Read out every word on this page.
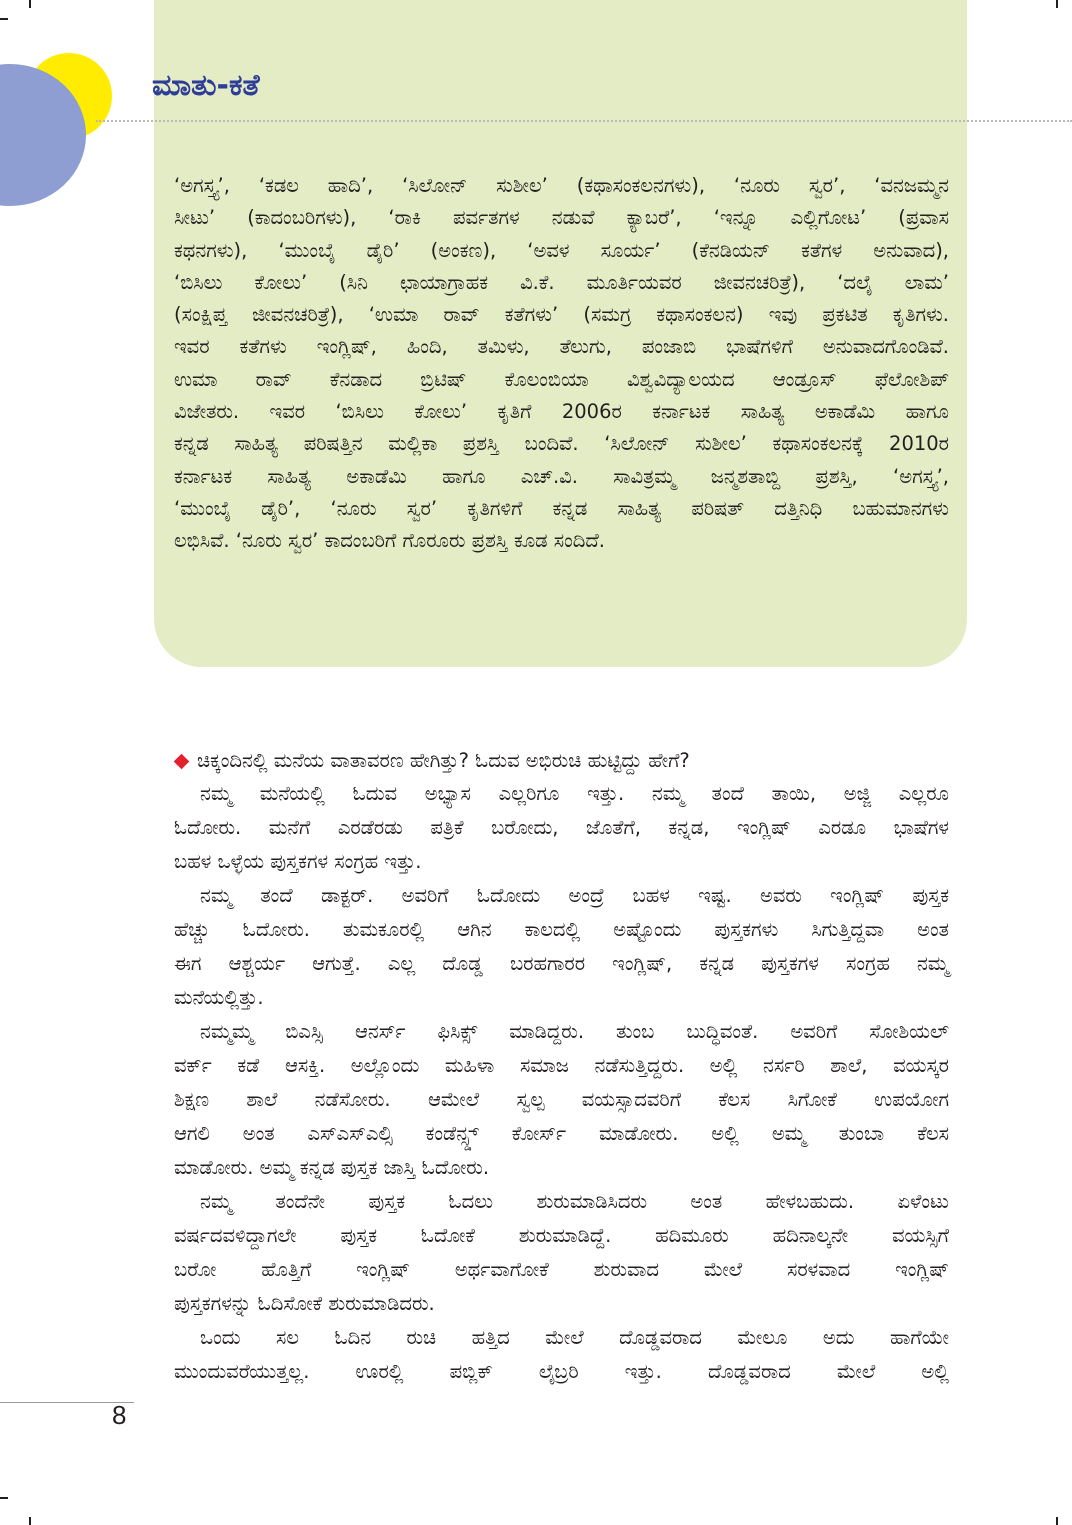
ಮಾತು-ಕತೆ
‘ಅಗಸ್ತ್ಯ’, ‘ಕಡಲ ಹಾದಿ’, ‘ಸಿಲೋನ್ ಸುಶೀಲ’ (ಕಥಾಸಂಕಲನಗಳು), ‘ನೂರು ಸ್ವರ’, ‘ವನಜಮ್ಮನ
ಸೀಟು’ (ಕಾದಂಬರಿಗಳು), ‘ರಾಕಿ ಪರ್ವತಗಳ ನಡುವೆ ಕ್ಯಾಬರೆ’, ‘ಇನ್ನೂ ಎಲ್ಲಿಗೋಟ’ (ಪ್ರವಾಸ
ಕಥನಗಳು), ‘ಮುಂಬೈ ಡೈರಿ’ (ಅಂಕಣ), ‘ಅವಳ ಸೂರ್ಯ’ (ಕೆನಡಿಯನ್ ಕತೆಗಳ ಅನುವಾದ),
‘ಬಿಸಿಲು ಕೋಲು’ (ಸಿನಿ ಛಾಯಾಗ್ರಾಹಕ ವಿ.ಕೆ. ಮೂರ್ತಿಯವರ ಜೀವನಚರಿತ್ರೆ), ‘ದಲೈ ಲಾಮ’
(ಸಂಕ್ಷಿಪ್ತ ಜೀವನಚರಿತ್ರೆ), ‘ಉಮಾ ರಾವ್ ಕತೆಗಳು’ (ಸಮಗ್ರ ಕಥಾಸಂಕಲನ) ಇವು ಪ್ರಕಟಿತ ಕೃತಿಗಳು.
ಇವರ ಕತೆಗಳು ಇಂಗ್ಲಿಷ್, ಹಿಂದಿ, ತಮಿಳು, ತೆಲುಗು, ಪಂಜಾಬಿ ಭಾಷೆಗಳಿಗೆ ಅನುವಾದಗೊಂಡಿವೆ.
ಉಮಾ ರಾವ್ ಕೆನಡಾದ ಬ್ರಿಟಿಷ್ ಕೊಲಂಬಿಯಾ ವಿಶ್ವವಿದ್ಯಾಲಯದ ಆಂಡ್ರೂಸ್ ಫೆಲೋಶಿಪ್
ವಿಜೇತರು. ಇವರ ‘ಬಿಸಿಲು ಕೋಲು’ ಕೃತಿಗೆ 2006ರ ಕರ್ನಾಟಕ ಸಾಹಿತ್ಯ ಅಕಾಡೆಮಿ ಹಾಗೂ
ಕನ್ನಡ ಸಾಹಿತ್ಯ ಪರಿಷತ್ತಿನ ಮಲ್ಲಿಕಾ ಪ್ರಶಸ್ತಿ ಬಂದಿವೆ. ‘ಸಿಲೋನ್ ಸುಶೀಲ’ ಕಥಾಸಂಕಲನಕ್ಕೆ 2010ರ
ಕರ್ನಾಟಕ ಸಾಹಿತ್ಯ ಅಕಾಡೆಮಿ ಹಾಗೂ ಎಚ್.ವಿ. ಸಾವಿತ್ರಮ್ಮ ಜನ್ಮಶತಾಬ್ದಿ ಪ್ರಶಸ್ತಿ, ‘ಅಗಸ್ತ್ಯ’,
‘ಮುಂಬೈ ಡೈರಿ’, ‘ನೂರು ಸ್ವರ’ ಕೃತಿಗಳಿಗೆ ಕನ್ನಡ ಸಾಹಿತ್ಯ ಪರಿಷತ್ ದತ್ತಿನಿಧಿ ಬಹುಮಾನಗಳು
ಲಭಿಸಿವೆ. ‘ನೂರು ಸ್ವರ’ ಕಾದಂಬರಿಗೆ ಗೊರೂರು ಪ್ರಶಸ್ತಿ ಕೂಡ ಸಂದಿದೆ.
ಚಿಕ್ಕಂದಿನಲ್ಲಿ ಮನೆಯ ವಾತಾವರಣ ಹೇಗಿತ್ತು? ಓದುವ ಅಭಿರುಚಿ ಹುಟ್ಟಿದ್ದು ಹೇಗೆ?
ನಮ್ಮ ಮನೆಯಲ್ಲಿ ಓದುವ ಅಭ್ಯಾಸ ಎಲ್ಲರಿಗೂ ಇತ್ತು. ನಮ್ಮ ತಂದೆ ತಾಯಿ, ಅಜ್ಜಿ ಎಲ್ಲರೂ
ಓದೋರು. ಮನೆಗೆ ಎರಡೆರಡು ಪತ್ರಿಕೆ ಬರೋದು, ಜೊತೆಗೆ, ಕನ್ನಡ, ಇಂಗ್ಲಿಷ್ ಎರಡೂ ಭಾಷೆಗಳ
ಬಹಳ ಒಳ್ಳೆಯ ಪುಸ್ತಕಗಳ ಸಂಗ್ರಹ ಇತ್ತು.
ನಮ್ಮ ತಂದೆ ಡಾಕ್ಟರ್. ಅವರಿಗೆ ಓದೋದು ಅಂದ್ರೆ ಬಹಳ ಇಷ್ಟ. ಅವರು ಇಂಗ್ಲಿಷ್ ಪುಸ್ತಕ
ಹೆಚ್ಚು ಓದೋರು. ತುಮಕೂರಲ್ಲಿ ಆಗಿನ ಕಾಲದಲ್ಲಿ ಅಷ್ಟೊಂದು ಪುಸ್ತಕಗಳು ಸಿಗುತ್ತಿದ್ದವಾ ಅಂತ
ಈಗ ಆಶ್ಚರ್ಯ ಆಗುತ್ತೆ. ಎಲ್ಲ ದೊಡ್ಡ ಬರಹಗಾರರ ಇಂಗ್ಲಿಷ್, ಕನ್ನಡ ಪುಸ್ತಕಗಳ ಸಂಗ್ರಹ ನಮ್ಮ
ಮನೆಯಲ್ಲಿತ್ತು.
ನಮ್ಮಮ್ಮ ಬಿಎಸ್ಸಿ ಆನರ್ಸ್ ಫಿಸಿಕ್ಸ್ ಮಾಡಿದ್ದರು. ತುಂಬ ಬುದ್ಧಿವಂತೆ. ಅವರಿಗೆ ಸೋಶಿಯಲ್
ವರ್ಕ್ ಕಡೆ ಆಸಕ್ತಿ. ಅಲ್ಲೊಂದು ಮಹಿಳಾ ಸಮಾಜ ನಡೆಸುತ್ತಿದ್ದರು. ಅಲ್ಲಿ ನರ್ಸರಿ ಶಾಲೆ, ವಯಸ್ಕರ
ಶಿಕ್ಷಣ ಶಾಲೆ ನಡೆಸೋರು. ಆಮೇಲೆ ಸ್ವಲ್ಪ ವಯಸ್ಸಾದವರಿಗೆ ಕೆಲಸ ಸಿಗೋಕೆ ಉಪಯೋಗ
ಆಗಲಿ ಅಂತ ಎಸ್ಎಸ್ಎಲ್ಸಿ ಕಂಡೆನ್ಸ್ಡ್ ಕೋರ್ಸ್ ಮಾಡೋರು. ಅಲ್ಲಿ ಅಮ್ಮ ತುಂಬಾ ಕೆಲಸ
ಮಾಡೋರು. ಅಮ್ಮ ಕನ್ನಡ ಪುಸ್ತಕ ಜಾಸ್ತಿ ಓದೋರು.
ನಮ್ಮ ತಂದೆನೇ ಪುಸ್ತಕ ಓದಲು ಶುರುಮಾಡಿಸಿದರು ಅಂತ ಹೇಳಬಹುದು. ಏಳೆಂಟು
ವರ್ಷದವಳಿದ್ದಾಗಲೇ ಪುಸ್ತಕ ಓದೋಕೆ ಶುರುಮಾಡಿದ್ದೆ. ಹದಿಮೂರು ಹದಿನಾಲ್ಕನೇ ವಯಸ್ಸಿಗೆ
ಬರೋ ಹೊತ್ತಿಗೆ ಇಂಗ್ಲಿಷ್ ಅರ್ಥವಾಗೋಕೆ ಶುರುವಾದ ಮೇಲೆ ಸರಳವಾದ ಇಂಗ್ಲಿಷ್
ಪುಸ್ತಕಗಳನ್ನು ಓದಿಸೋಕೆ ಶುರುಮಾಡಿದರು.
ಒಂದು ಸಲ ಓದಿನ ರುಚಿ ಹತ್ತಿದ ಮೇಲೆ ದೊಡ್ಡವರಾದ ಮೇಲೂ ಅದು ಹಾಗೆಯೇ
ಮುಂದುವರೆಯುತ್ತಲ್ಲ. ಊರಲ್ಲಿ ಪಬ್ಲಿಕ್ ಲೈಬ್ರರಿ ಇತ್ತು. ದೊಡ್ಡವರಾದ ಮೇಲೆ ಅಲ್ಲಿ
8
